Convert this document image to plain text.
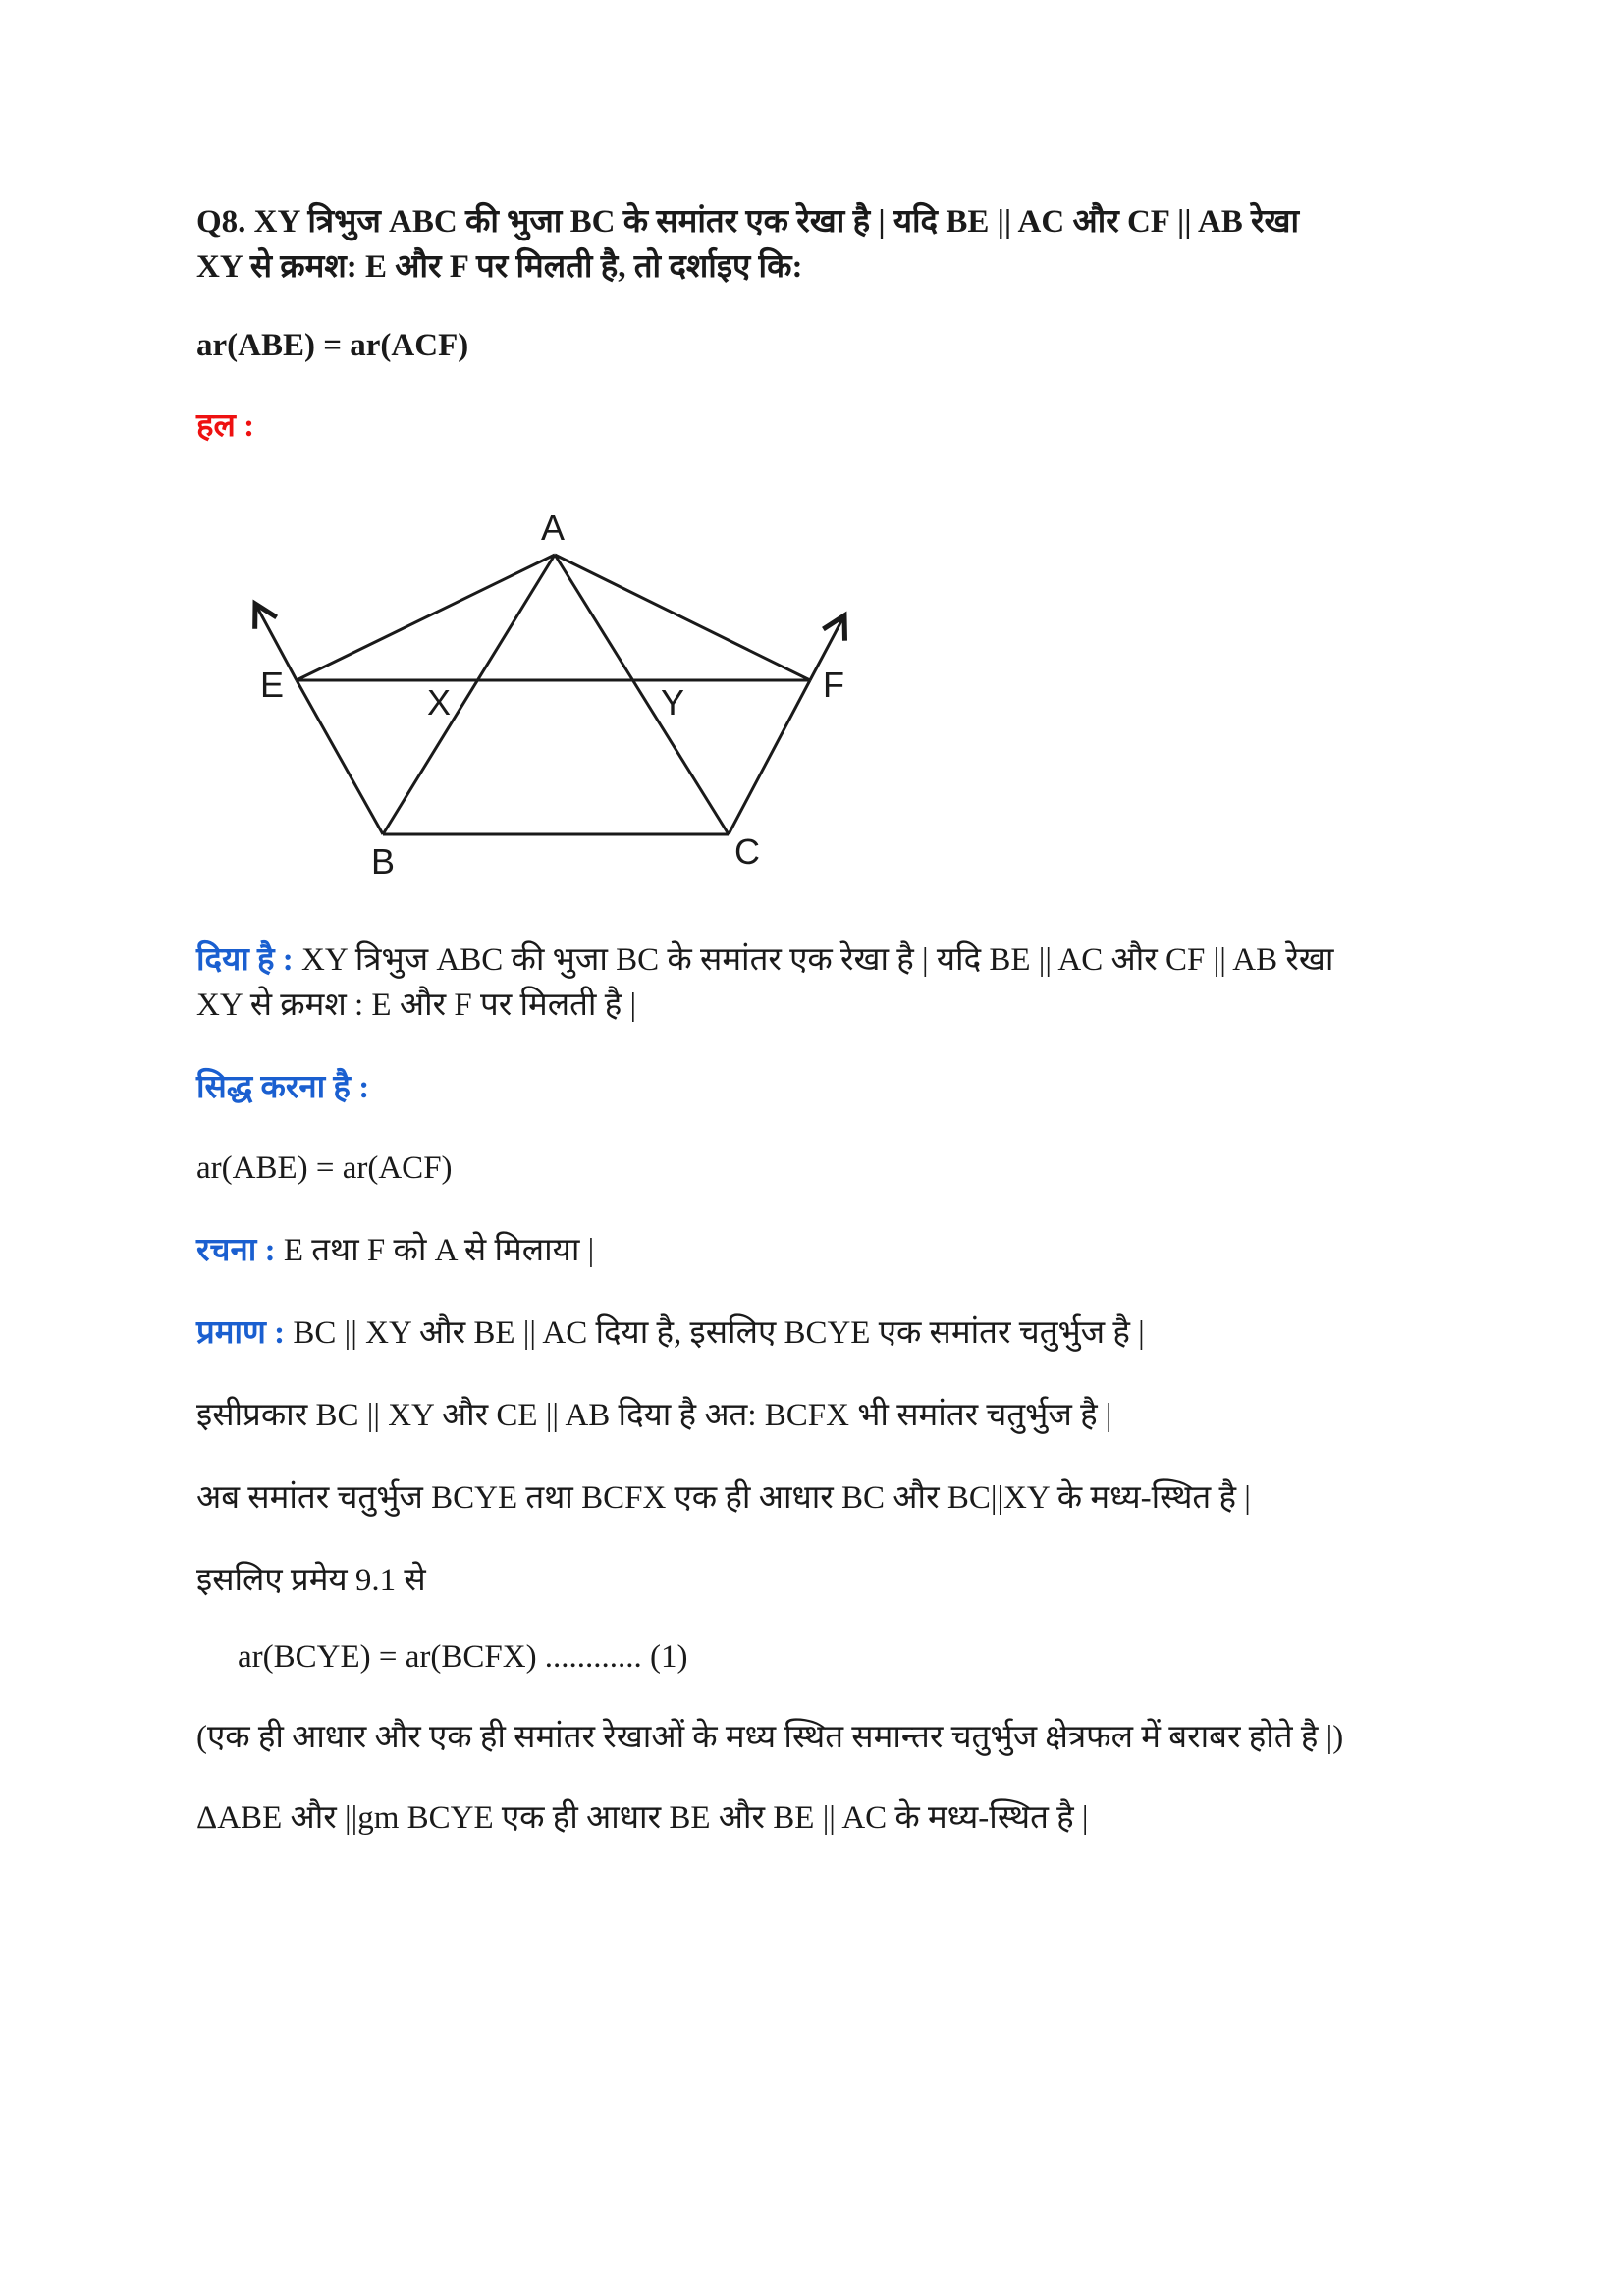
Q8. XY त्रिभुज ABC की भुजा BC के समांतर एक रेखा है | यदि BE || AC और CF || AB रेखा
XY से क्रमश: E और F पर मिलती है, तो दर्शाइए कि:
ar(ABE) = ar(ACF)
हल :
A
E	F
X	Y
B	C
दिया है : XY त्रिभुज ABC की भुजा BC के समांतर एक रेखा है | यदि BE || AC और CF || AB रेखा
XY से क्रमश : E और F पर मिलती है |
सिद्ध करना है :
ar(ABE) = ar(ACF)
रचना : E तथा F को A से मिलाया |
प्रमाण : BC || XY और BE || AC दिया है, इसलिए BCYE एक समांतर चतुर्भुज है |
इसीप्रकार BC || XY और CE || AB दिया है अत: BCFX भी समांतर चतुर्भुज है |
अब समांतर चतुर्भुज BCYE तथा BCFX एक ही आधार BC और BC||XY के मध्य-स्थित है |
इसलिए प्रमेय 9.1 से
ar(BCYE) = ar(BCFX) ............ (1)
(एक ही आधार और एक ही समांतर रेखाओं के मध्य स्थित समान्तर चतुर्भुज क्षेत्रफल में बराबर होते है |)
ΔABE और ||gm BCYE एक ही आधार BE और BE || AC के मध्य-स्थित है |
